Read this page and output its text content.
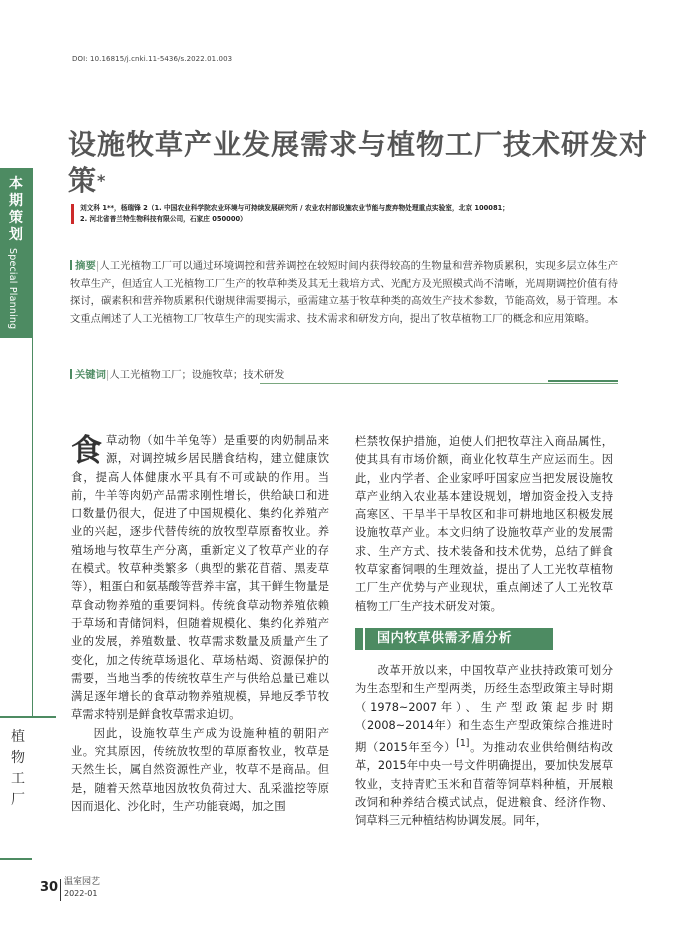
DOI: 10.16815/j.cnki.11-5436/s.2022.01.003
本期策划
Special Planning
植物工厂
设施牧草产业发展需求与植物工厂技术研发对策*
刘文科 1**，杨瑞锋 2（1. 中国农业科学院农业环境与可持续发展研究所 / 农业农村部设施农业节能与废弃物处理重点实验室，北京 100081；
2. 河北省普兰特生物科技有限公司，石家庄 050000）
摘要|人工光植物工厂可以通过环境调控和营养调控在较短时间内获得较高的生物量和营养物质累积，实现多层立体生产牧草生产，但适宜人工光植物工厂生产的牧草种类及其无土栽培方式、光配方及光照模式尚不清晰，光周期调控价值有待探讨，碳素积和营养物质累积代谢规律需要揭示，亟需建立基于牧草种类的高效生产技术参数，节能高效，易于管理。本文重点阐述了人工光植物工厂牧草生产的现实需求、技术需求和研发方向，提出了牧草植物工厂的概念和应用策略。
关键词|人工光植物工厂；设施牧草；技术研发

食草动物（如牛羊兔等）是重要的肉奶制品来源，对调控城乡居民膳食结构，建立健康饮食，提高人体健康水平具有不可或缺的作用。当前，牛羊等肉奶产品需求刚性增长，供给缺口和进口数量仍很大，促进了中国规模化、集约化养殖产业的兴起，逐步代替传统的放牧型草原畜牧业。养殖场地与牧草生产分离，重新定义了牧草产业的存在模式。牧草种类繁多（典型的紫花苜蓿、黑麦草等），粗蛋白和氨基酸等营养丰富，其干鲜生物量是草食动物养殖的重要饲料。传统食草动物养殖依赖于草场和青储饲料，但随着规模化、集约化养殖产业的发展，养殖数量、牧草需求数量及质量产生了变化，加之传统草场退化、草场枯竭、资源保护的需要，当地当季的传统牧草生产与供给总量已难以满足逐年增长的食草动物养殖规模，异地反季节牧草需求特别是鲜食牧草需求迫切。

因此，设施牧草生产成为设施种植的朝阳产业。究其原因，传统放牧型的草原畜牧业，牧草是天然生长，属自然资源性产业，牧草不是商品。但是，随着天然草地因放牧负荷过大、乱采滥挖等原因而退化、沙化时，生产功能衰竭，加之围

栏禁牧保护措施，迫使人们把牧草注入商品属性，使其具有市场价额，商业化牧草生产应运而生。因此，业内学者、企业家呼吁国家应当把发展设施牧草产业纳入农业基本建设规划，增加资金投入支持高寒区、干旱半干旱牧区和非可耕地地区积极发展设施牧草产业。本文归纳了设施牧草产业的发展需求、生产方式、技术装备和技术优势，总结了鲜食牧草家畜饲喂的生理效益，提出了人工光牧草植物工厂生产优势与产业现状，重点阐述了人工光牧草植物工厂生产技术研发对策。

国内牧草供需矛盾分析

改革开放以来，中国牧草产业扶持政策可划分为生态型和生产型两类，历经生态型政策主导时期（1978~2007年）、生产型政策起步时期（2008~2014年）和生态生产型政策综合推进时期（2015年至今）[1]。为推动农业供给侧结构改革，2015年中央一号文件明确提出，要加快发展草牧业，支持青贮玉米和苜蓿等饲草料种植，开展粮改饲和种养结合模式试点，促进粮食、经济作物、饲草料三元种植结构协调发展。同年，

30 温室园艺
2022-01
